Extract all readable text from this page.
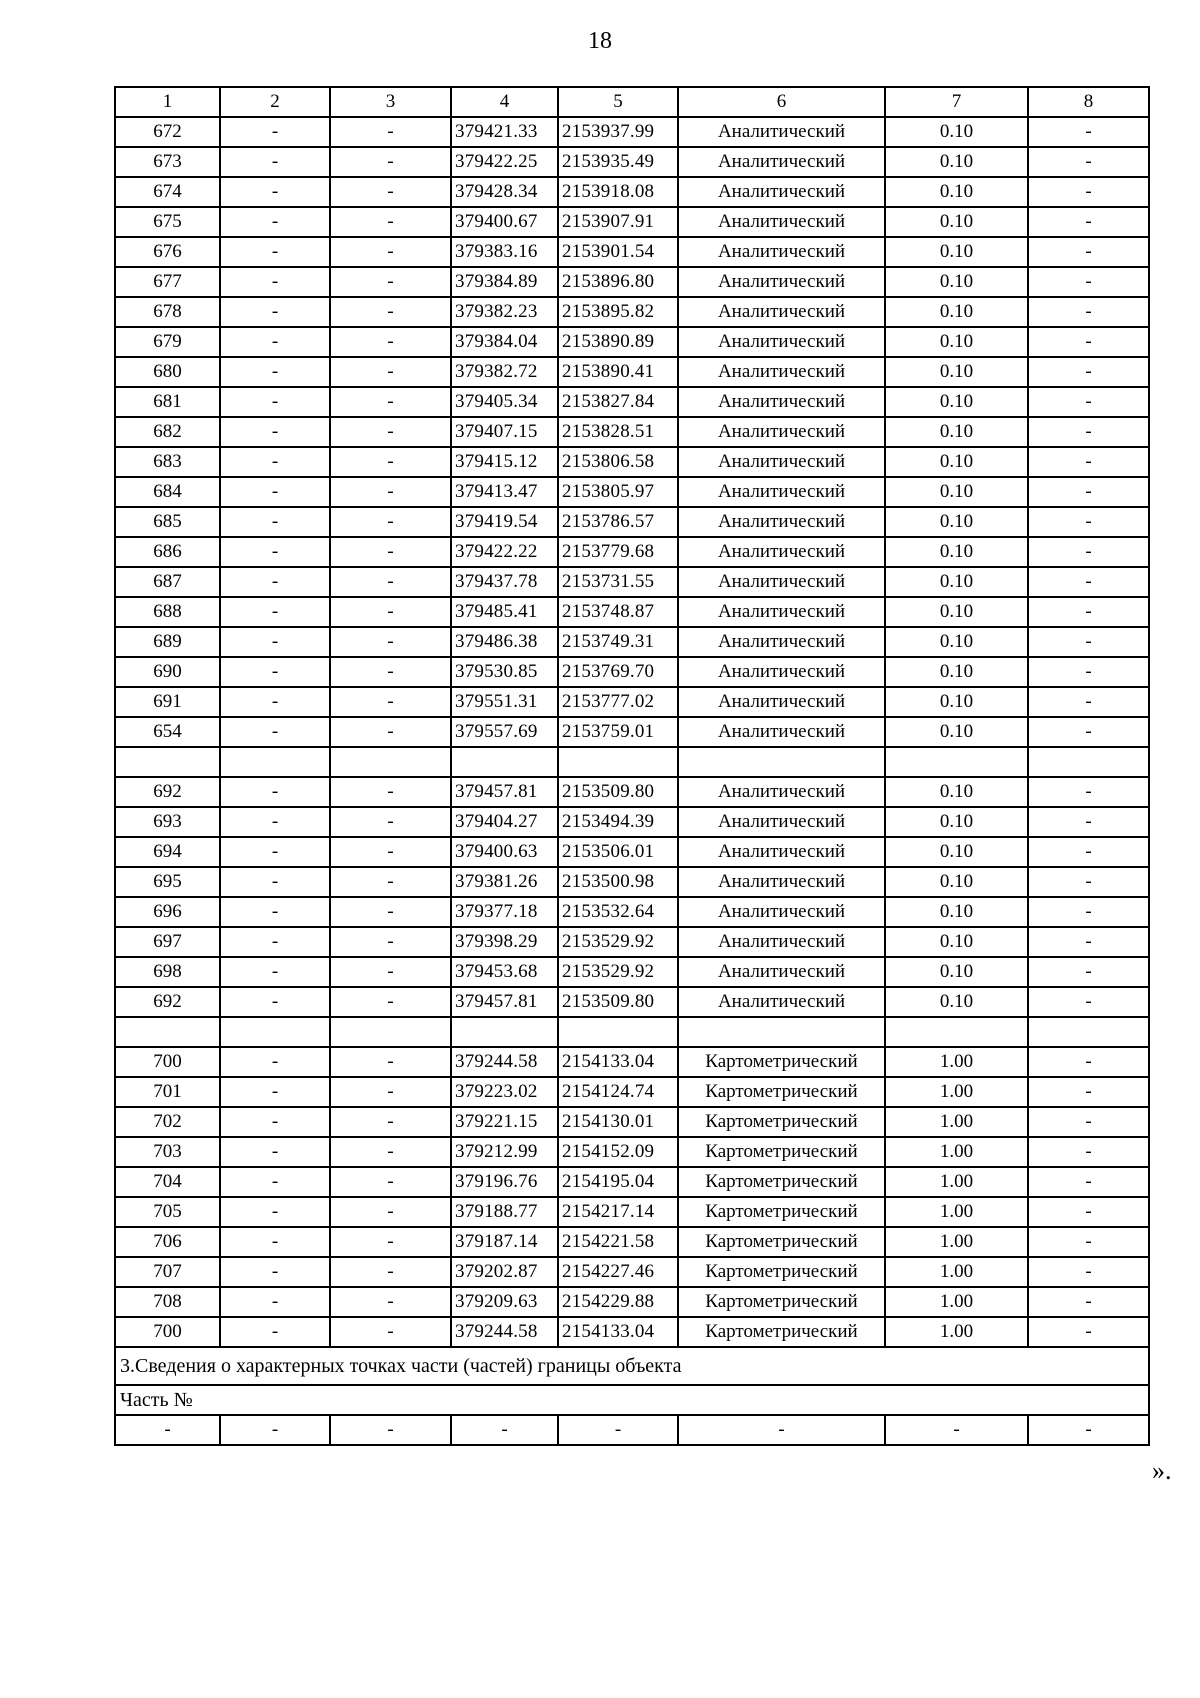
18
1	2	3	4	5	6	7	8
672	-	-	379421.33	2153937.99	Аналитический	0.10	-
673	-	-	379422.25	2153935.49	Аналитический	0.10	-
674	-	-	379428.34	2153918.08	Аналитический	0.10	-
675	-	-	379400.67	2153907.91	Аналитический	0.10	-
676	-	-	379383.16	2153901.54	Аналитический	0.10	-
677	-	-	379384.89	2153896.80	Аналитический	0.10	-
678	-	-	379382.23	2153895.82	Аналитический	0.10	-
679	-	-	379384.04	2153890.89	Аналитический	0.10	-
680	-	-	379382.72	2153890.41	Аналитический	0.10	-
681	-	-	379405.34	2153827.84	Аналитический	0.10	-
682	-	-	379407.15	2153828.51	Аналитический	0.10	-
683	-	-	379415.12	2153806.58	Аналитический	0.10	-
684	-	-	379413.47	2153805.97	Аналитический	0.10	-
685	-	-	379419.54	2153786.57	Аналитический	0.10	-
686	-	-	379422.22	2153779.68	Аналитический	0.10	-
687	-	-	379437.78	2153731.55	Аналитический	0.10	-
688	-	-	379485.41	2153748.87	Аналитический	0.10	-
689	-	-	379486.38	2153749.31	Аналитический	0.10	-
690	-	-	379530.85	2153769.70	Аналитический	0.10	-
691	-	-	379551.31	2153777.02	Аналитический	0.10	-
654	-	-	379557.69	2153759.01	Аналитический	0.10	-

692	-	-	379457.81	2153509.80	Аналитический	0.10	-
693	-	-	379404.27	2153494.39	Аналитический	0.10	-
694	-	-	379400.63	2153506.01	Аналитический	0.10	-
695	-	-	379381.26	2153500.98	Аналитический	0.10	-
696	-	-	379377.18	2153532.64	Аналитический	0.10	-
697	-	-	379398.29	2153529.92	Аналитический	0.10	-
698	-	-	379453.68	2153529.92	Аналитический	0.10	-
692	-	-	379457.81	2153509.80	Аналитический	0.10	-

700	-	-	379244.58	2154133.04	Картометрический	1.00	-
701	-	-	379223.02	2154124.74	Картометрический	1.00	-
702	-	-	379221.15	2154130.01	Картометрический	1.00	-
703	-	-	379212.99	2154152.09	Картометрический	1.00	-
704	-	-	379196.76	2154195.04	Картометрический	1.00	-
705	-	-	379188.77	2154217.14	Картометрический	1.00	-
706	-	-	379187.14	2154221.58	Картометрический	1.00	-
707	-	-	379202.87	2154227.46	Картометрический	1.00	-
708	-	-	379209.63	2154229.88	Картометрический	1.00	-
700	-	-	379244.58	2154133.04	Картометрический	1.00	-
3.Сведения о характерных точках части (частей) границы объекта							
Часть №							
-	-	-	-	-	-	-	-
».
